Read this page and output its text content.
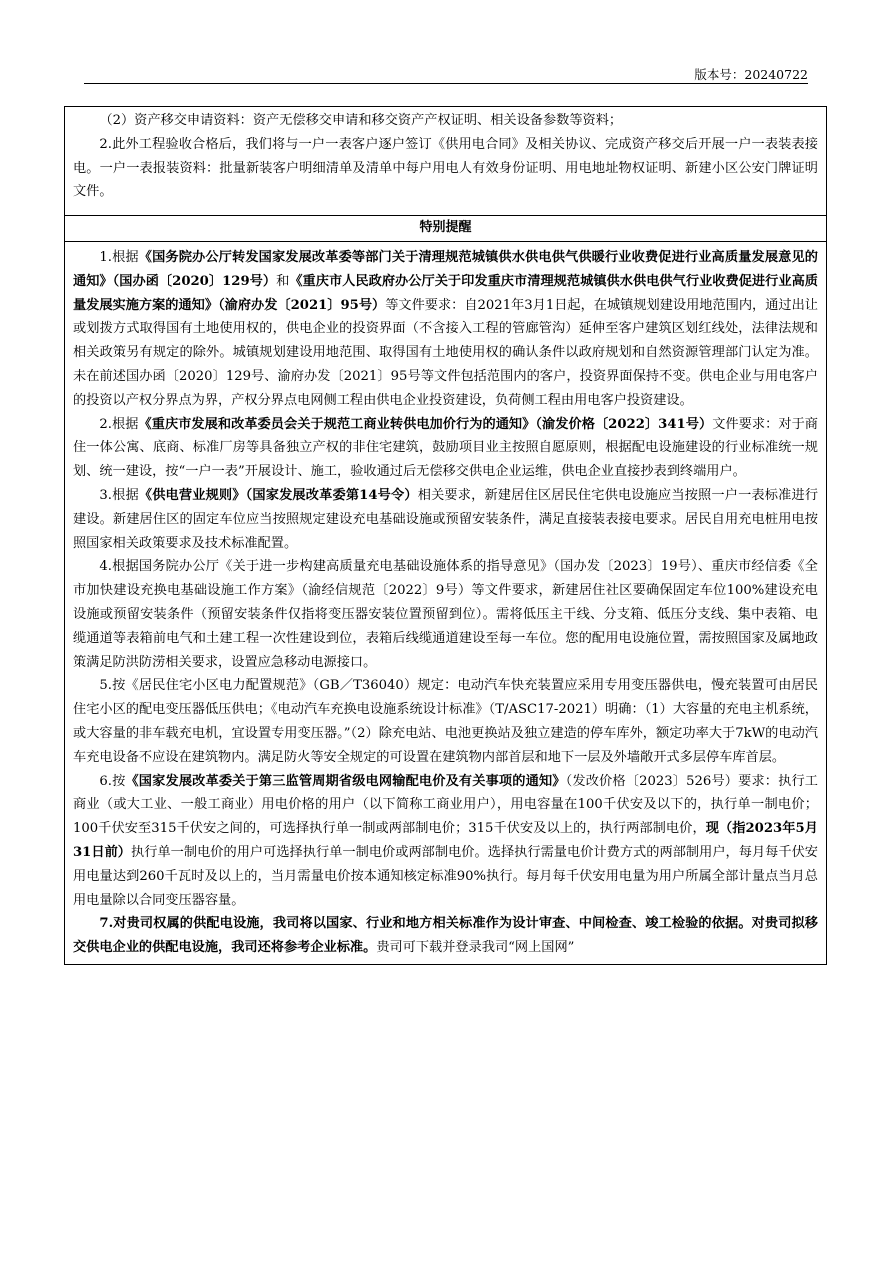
版本号：20240722

（2）资产移交申请资料：资产无偿移交申请和移交资产产权证明、相关设备参数等资料；

2.此外工程验收合格后，我们将与一户一表客户逐户签订《供用电合同》及相关协议、完成资产移交后开展一户一表装表接电。一户一表报装资料：批量新装客户明细清单及清单中每户用电人有效身份证明、用电地址物权证明、新建小区公安门牌证明文件。

特别提醒

1.根据《国务院办公厅转发国家发展改革委等部门关于清理规范城镇供水供电供气供暖行业收费促进行业高质量发展意见的通知》（国办函〔2020〕129号）和《重庆市人民政府办公厅关于印发重庆市清理规范城镇供水供电供气行业收费促进行业高质量发展实施方案的通知》（渝府办发〔2021〕95号）等文件要求：自2021年3月1日起，在城镇规划建设用地范围内，通过出让或划拨方式取得国有土地使用权的，供电企业的投资界面（不含接入工程的管廊管沟）延伸至客户建筑区划红线处，法律法规和相关政策另有规定的除外。城镇规划建设用地范围、取得国有土地使用权的确认条件以政府规划和自然资源管理部门认定为准。未在前述国办函〔2020〕129号、渝府办发〔2021〕95号等文件包括范围内的客户，投资界面保持不变。供电企业与用电客户的投资以产权分界点为界，产权分界点电网侧工程由供电企业投资建设，负荷侧工程由用电客户投资建设。

2.根据《重庆市发展和改革委员会关于规范工商业转供电加价行为的通知》（渝发价格〔2022〕341号）文件要求：对于商住一体公寓、底商、标准厂房等具备独立产权的非住宅建筑，鼓励项目业主按照自愿原则，根据配电设施建设的行业标准统一规划、统一建设，按“一户一表”开展设计、施工，验收通过后无偿移交供电企业运维，供电企业直接抄表到终端用户。

3.根据《供电营业规则》（国家发展改革委第14号令）相关要求，新建居住区居民住宅供电设施应当按照一户一表标准进行建设。新建居住区的固定车位应当按照规定建设充电基础设施或预留安装条件，满足直接装表接电要求。居民自用充电桩用电按照国家相关政策要求及技术标准配置。

4.根据国务院办公厅《关于进一步构建高质量充电基础设施体系的指导意见》（国办发〔2023〕19号）、重庆市经信委《全市加快建设充换电基础设施工作方案》（渝经信规范〔2022〕9号）等文件要求，新建居住社区要确保固定车位100%建设充电设施或预留安装条件（预留安装条件仅指将变压器安装位置预留到位）。需将低压主干线、分支箱、低压分支线、集中表箱、电缆通道等表箱前电气和土建工程一次性建设到位，表箱后线缆通道建设至每一车位。您的配用电设施位置，需按照国家及属地政策满足防洪防涝相关要求，设置应急移动电源接口。

5.按《居民住宅小区电力配置规范》（GB／T36040）规定：电动汽车快充装置应采用专用变压器供电，慢充装置可由居民住宅小区的配电变压器低压供电；《电动汽车充换电设施系统设计标准》（T/ASC17-2021）明确：（1）大容量的充电主机系统，或大容量的非车载充电机，宜设置专用变压器。”（2）除充电站、电池更换站及独立建造的停车库外，额定功率大于7kW的电动汽车充电设备不应设在建筑物内。满足防火等安全规定的可设置在建筑物内部首层和地下一层及外墙敞开式多层停车库首层。

6.按《国家发展改革委关于第三监管周期省级电网输配电价及有关事项的通知》（发改价格〔2023〕526号）要求：执行工商业（或大工业、一般工商业）用电价格的用户（以下简称工商业用户），用电容量在100千伏安及以下的，执行单一制电价；100千伏安至315千伏安之间的，可选择执行单一制或两部制电价；315千伏安及以上的，执行两部制电价，现（指2023年5月31日前）执行单一制电价的用户可选择执行单一制电价或两部制电价。选择执行需量电价计费方式的两部制用户，每月每千伏安用电量达到260千瓦时及以上的，当月需量电价按本通知核定标准90%执行。每月每千伏安用电量为用户所属全部计量点当月总用电量除以合同变压器容量。

7.对贵司权属的供配电设施，我司将以国家、行业和地方相关标准作为设计审查、中间检查、竣工检验的依据。对贵司拟移交供电企业的供配电设施，我司还将参考企业标准。贵司可下载并登录我司“网上国网”
